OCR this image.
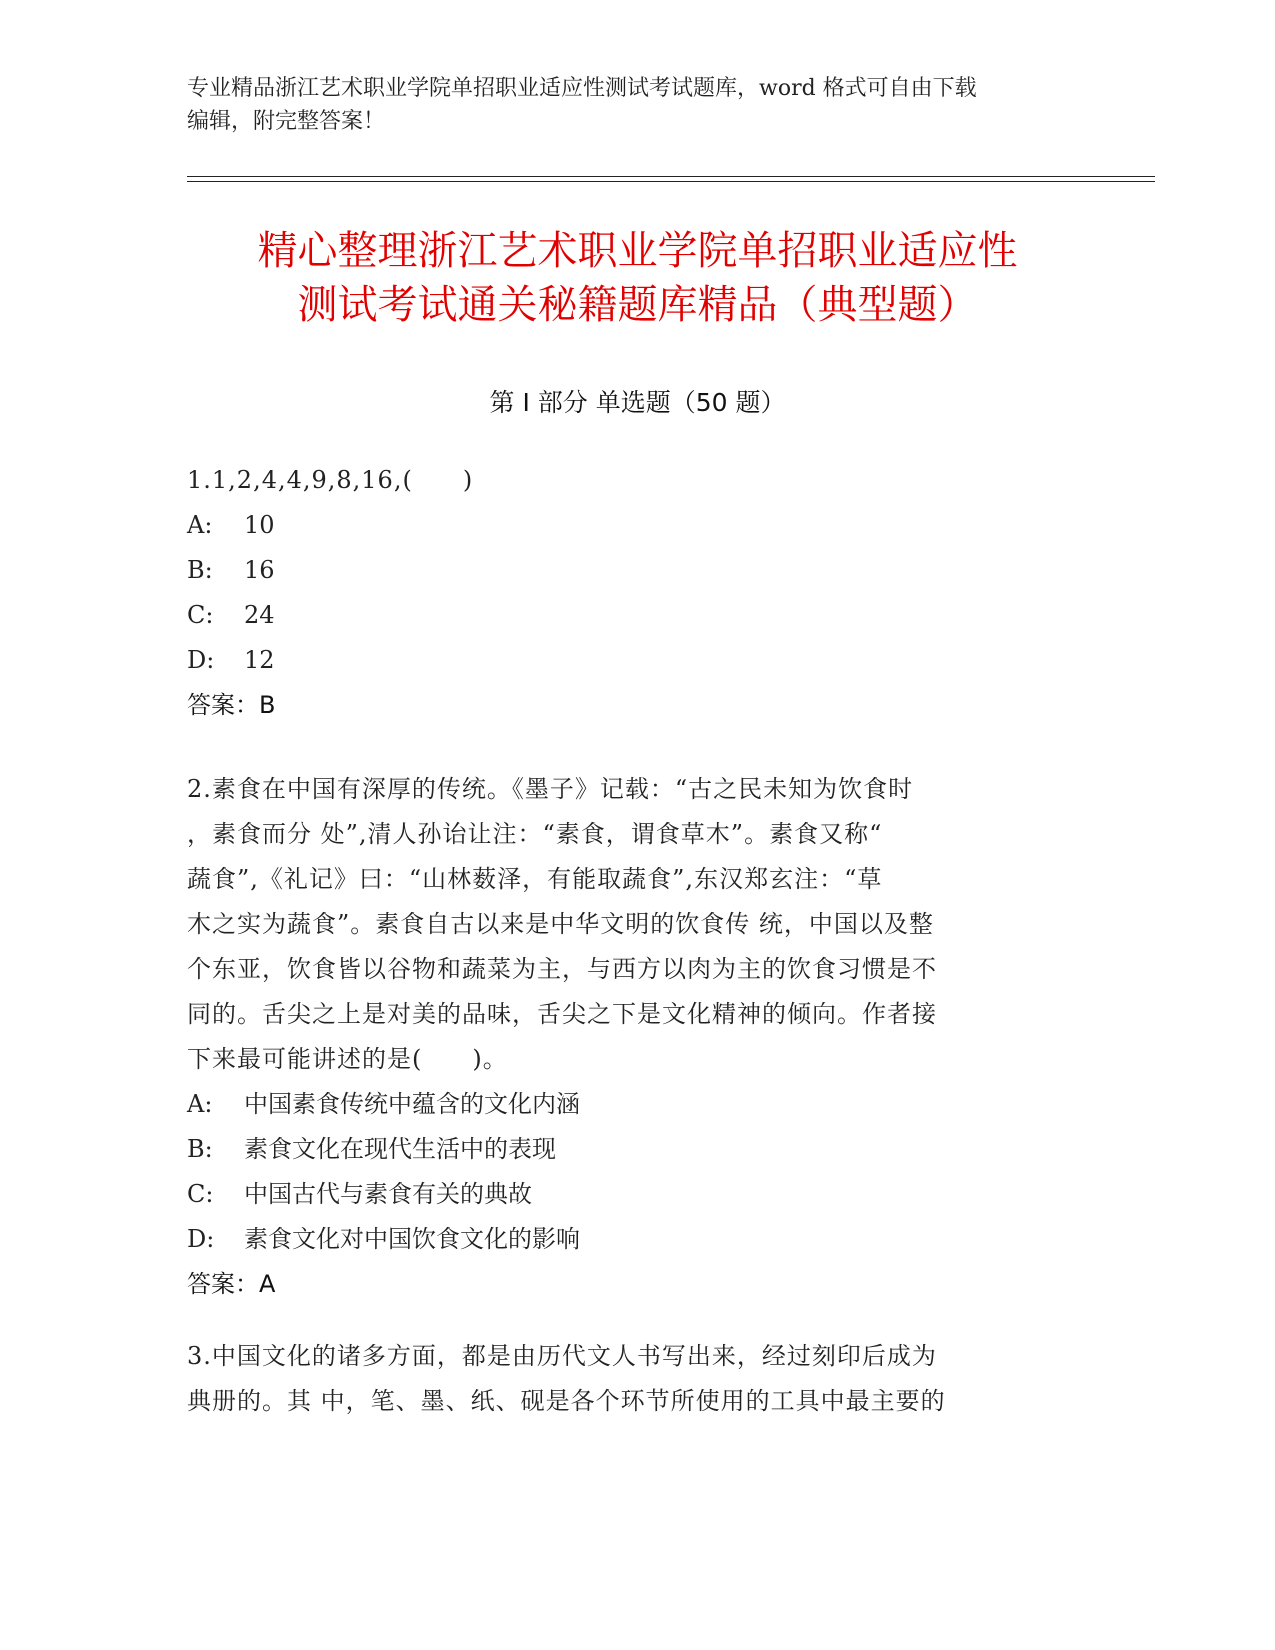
专业精品浙江艺术职业学院单招职业适应性测试考试题库，word 格式可自由下载
编辑，附完整答案！
精心整理浙江艺术职业学院单招职业适应性
测试考试通关秘籍题库精品（典型题）
第 I 部分 单选题（50 题）
1.1,2,4,4,9,8,16,(　　)
A: 10
B: 16
C: 24
D: 12
答案：B
2.素食在中国有深厚的传统。《墨子》记载：“古之民未知为饮食时
，素食而分 处”,清人孙诒让注：“素食，谓食草木”。素食又称“
蔬食”,《礼记》曰：“山林薮泽，有能取蔬食”,东汉郑玄注：“草
木之实为蔬食”。素食自古以来是中华文明的饮食传 统，中国以及整
个东亚，饮食皆以谷物和蔬菜为主，与西方以肉为主的饮食习惯是不
同的。舌尖之上是对美的品味，舌尖之下是文化精神的倾向。作者接
下来最可能讲述的是(　　)。
A: 中国素食传统中蕴含的文化内涵
B: 素食文化在现代生活中的表现
C: 中国古代与素食有关的典故
D: 素食文化对中国饮食文化的影响
答案：A
3.中国文化的诸多方面，都是由历代文人书写出来，经过刻印后成为
典册的。其 中，笔、墨、纸、砚是各个环节所使用的工具中最主要的
